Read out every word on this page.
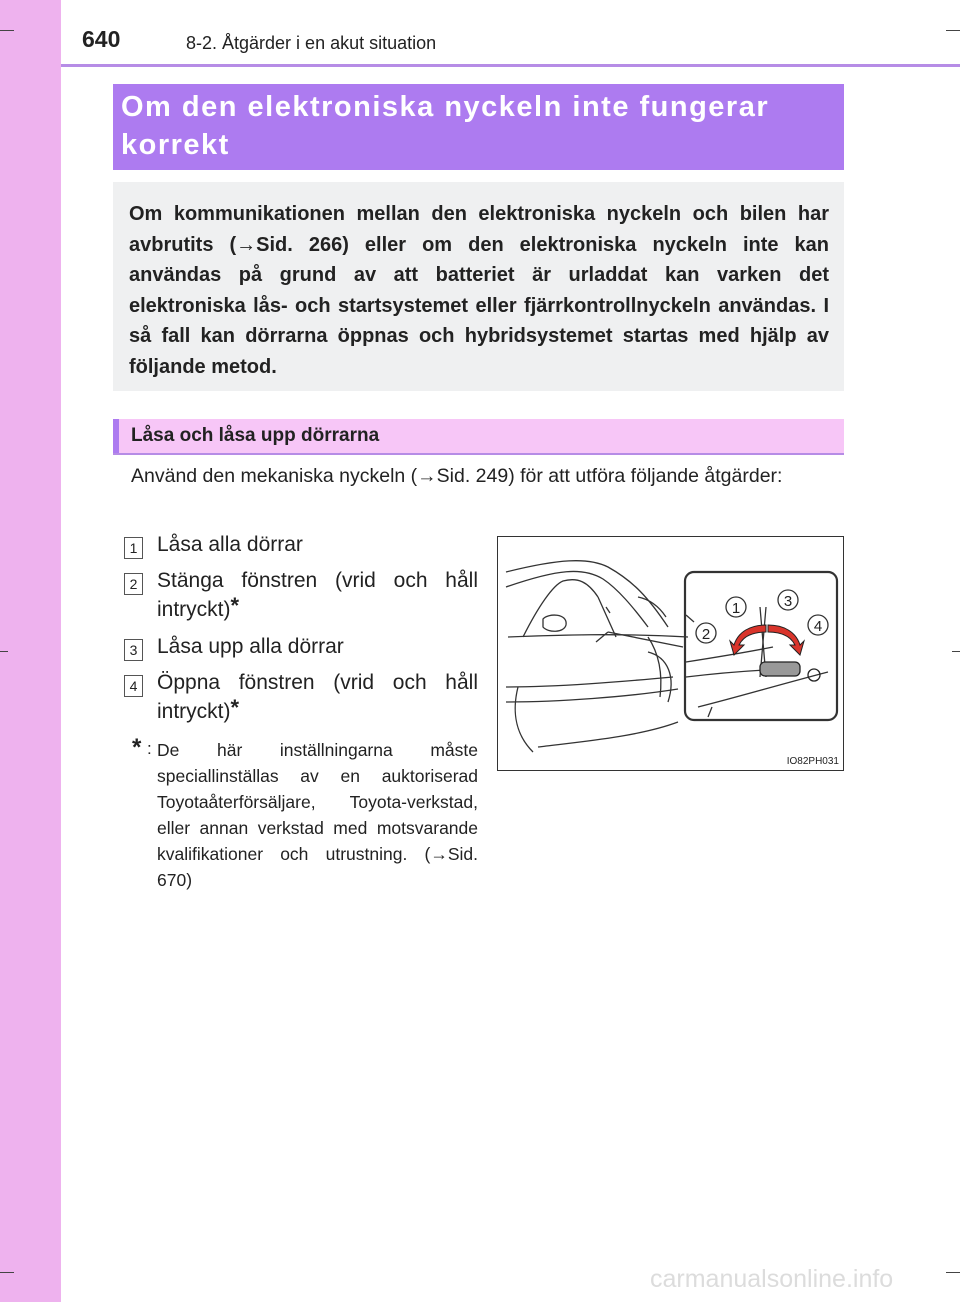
640	8-2. Åtgärder i en akut situation
Om den elektroniska nyckeln inte fungerar korrekt
Om kommunikationen mellan den elektroniska nyckeln och bilen har avbrutits (→Sid. 266) eller om den elektroniska nyckeln inte kan användas på grund av att batteriet är urladdat kan varken det elektroniska lås- och startsystemet eller fjärrkontrollnyckeln användas. I så fall kan dörrarna öppnas och hybridsystemet startas med hjälp av följande metod.
Låsa och låsa upp dörrarna
Använd den mekaniska nyckeln (→Sid. 249) för att utföra följande åtgärder:
1 Låsa alla dörrar
2 Stänga fönstren (vrid och håll intryckt)*
3 Låsa upp alla dörrar
4 Öppna fönstren (vrid och håll intryckt)*
* : De här inställningarna måste speciallinställas av en auktoriserad Toyotaåterförsäljare, Toyota-verkstad, eller annan verkstad med motsvarande kvalifikationer och utrustning. (→Sid. 670)
1
2
3
4
IO82PH031
carmanualsonline.info
